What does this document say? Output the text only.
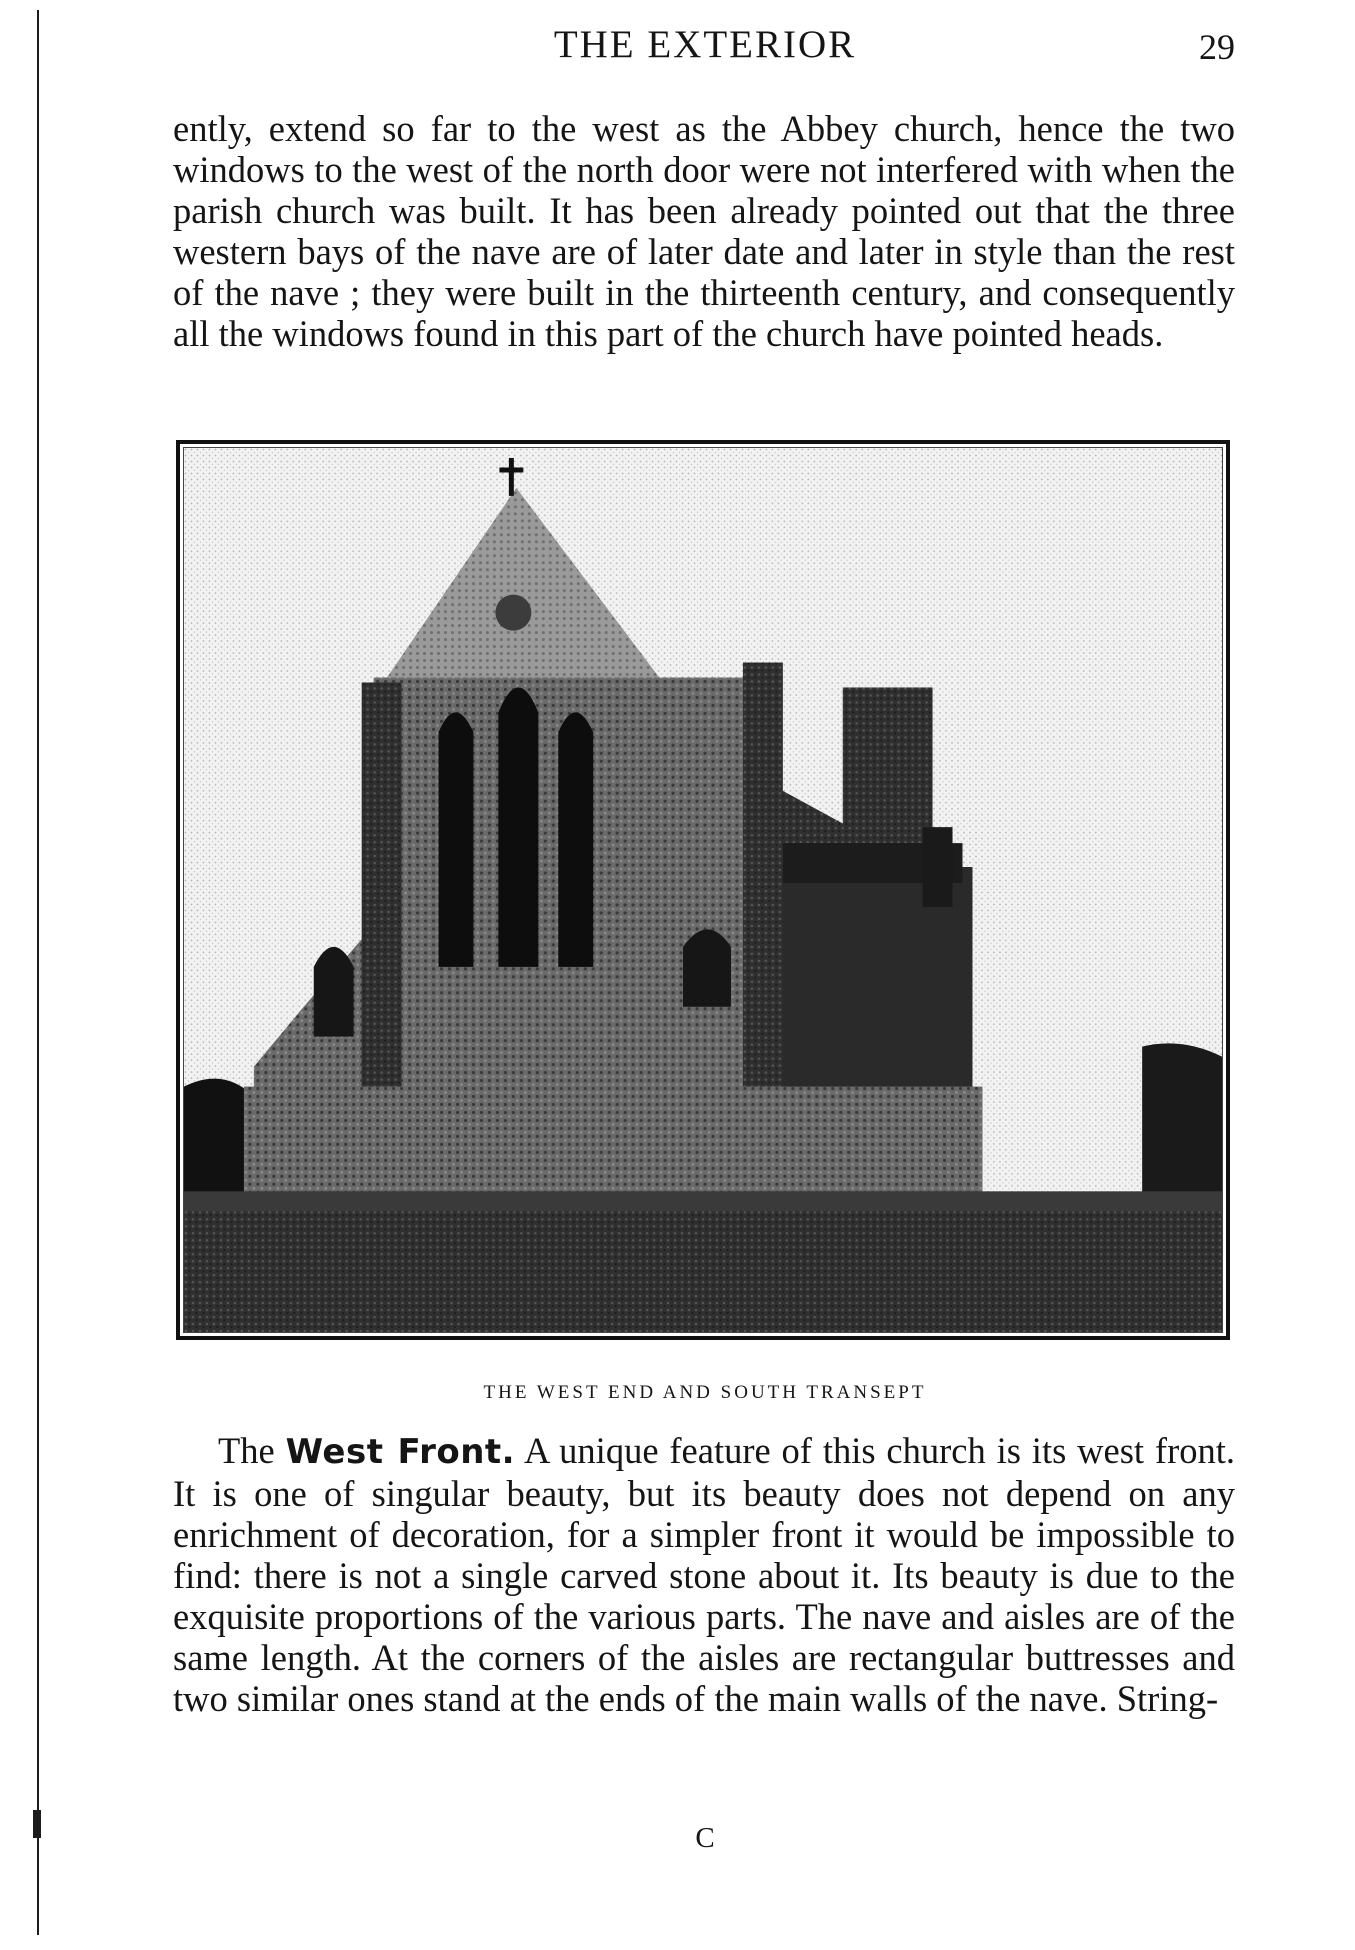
THE EXTERIOR	29

ently, extend so far to the west as the Abbey church, hence the two windows to the west of the north door were not interfered with when the parish church was built. It has been already pointed out that the three western bays of the nave are of later date and later in style than the rest of the nave ; they were built in the thirteenth century, and consequently all the windows found in this part of the church have pointed heads.

THE WEST END AND SOUTH TRANSEPT

The West Front. A unique feature of this church is its west front. It is one of singular beauty, but its beauty does not depend on any enrichment of decoration, for a simpler front it would be impossible to find: there is not a single carved stone about it. Its beauty is due to the exquisite proportions of the various parts. The nave and aisles are of the same length. At the corners of the aisles are rectangular buttresses and two similar ones stand at the ends of the main walls of the nave. String-

C
